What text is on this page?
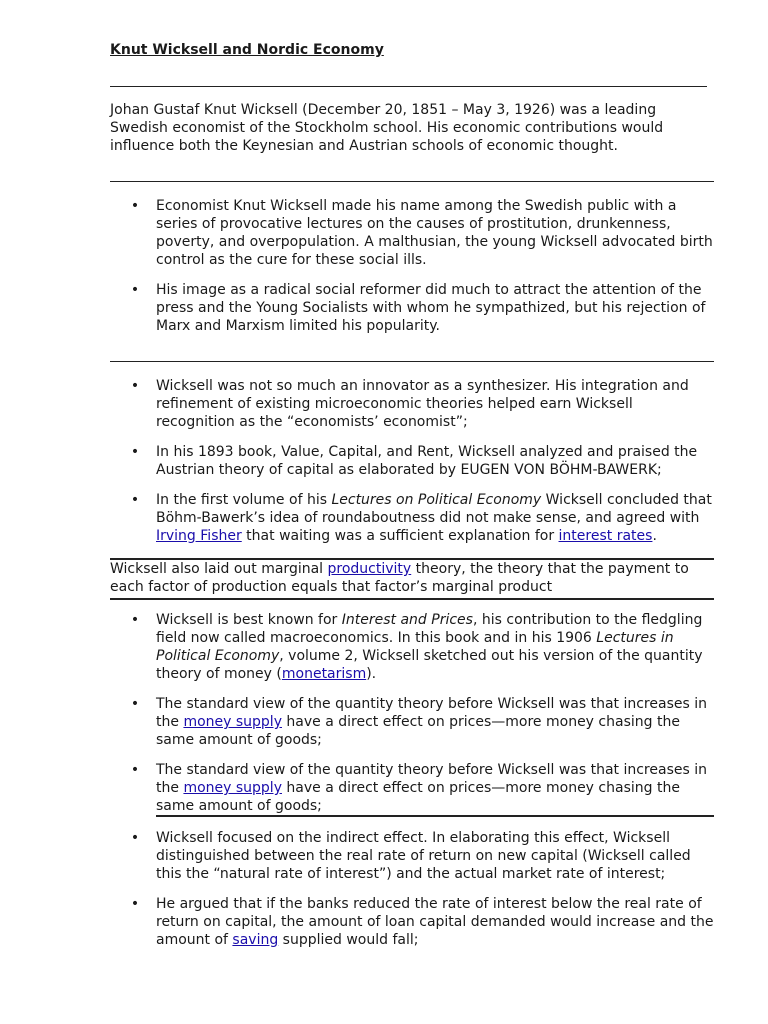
Knut Wicksell and Nordic Economy

Johan Gustaf Knut Wicksell (December 20, 1851 – May 3, 1926) was a leading Swedish economist of the Stockholm school. His economic contributions would influence both the Keynesian and Austrian schools of economic thought.

• Economist Knut Wicksell made his name among the Swedish public with a series of provocative lectures on the causes of prostitution, drunkenness, poverty, and overpopulation. A malthusian, the young Wicksell advocated birth control as the cure for these social ills.
• His image as a radical social reformer did much to attract the attention of the press and the Young Socialists with whom he sympathized, but his rejection of Marx and Marxism limited his popularity.
• Wicksell was not so much an innovator as a synthesizer. His integration and refinement of existing microeconomic theories helped earn Wicksell recognition as the “economists’ economist”;
• In his 1893 book, Value, Capital, and Rent, Wicksell analyzed and praised the Austrian theory of capital as elaborated by EUGEN VON BÖHM-BAWERK;
• In the first volume of his Lectures on Political Economy Wicksell concluded that Böhm-Bawerk’s idea of roundaboutness did not make sense, and agreed with Irving Fisher that waiting was a sufficient explanation for interest rates.

Wicksell also laid out marginal productivity theory, the theory that the payment to each factor of production equals that factor’s marginal product

• Wicksell is best known for Interest and Prices, his contribution to the fledgling field now called macroeconomics. In this book and in his 1906 Lectures in Political Economy, volume 2, Wicksell sketched out his version of the quantity theory of money (monetarism).
• The standard view of the quantity theory before Wicksell was that increases in the money supply have a direct effect on prices—more money chasing the same amount of goods;
• The standard view of the quantity theory before Wicksell was that increases in the money supply have a direct effect on prices—more money chasing the same amount of goods;
• Wicksell focused on the indirect effect. In elaborating this effect, Wicksell distinguished between the real rate of return on new capital (Wicksell called this the “natural rate of interest”) and the actual market rate of interest;
• He argued that if the banks reduced the rate of interest below the real rate of return on capital, the amount of loan capital demanded would increase and the amount of saving supplied would fall;
